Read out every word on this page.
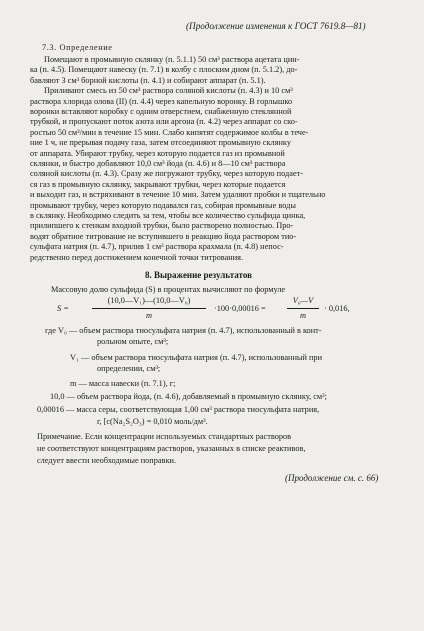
(Продолжение изменения к ГОСТ 7619.8—81)
7.3. Определение
Помещают в промывную склянку (п. 5.1.1) 50 см³ раствора ацетата цин-
ка (п. 4.5). Помещают навеску (п. 7.1) в колбу с плоским дном (п. 5.1.2), до-
бавляют 3 см³ борной кислоты (п. 4.1) и собирают аппарат (п. 5.1).
Приливают смесь из 50 см³ раствора соляной кислоты (п. 4.3) и 10 см³
раствора хлорида олова (II) (п. 4.4) через капельную воронку. В горлышко
воронки вставляют коробку с одним отверстием, снабженную стеклянной
трубкой, и пропускают поток азота или аргона (п. 4.2) через аппарат со ско-
ростью 50 см³/мин в течение 15 мин. Слабо кипятят содержимое колбы в тече-
ние 1 ч, не прерывая подачу газа, затем отсоединяют промывную склянку
от аппарата. Убирают трубку, через которую подается газ из промывной
склянки, и быстро добавляют 10,0 см³ йода (п. 4.6) и 8—10 см³ раствора
соляной кислоты (п. 4.3). Сразу же погружают трубку, через которую подает-
ся газ в промывную склянку, закрывают трубки, через которые подается
и выходит газ, и встряхивают в течение 10 мин. Затем удаляют пробки и тщательно
промывают трубку, через которую подавался газ, собирая промывные воды
в склянку. Необходимо следить за тем, чтобы все количество сульфида цинка,
прилипшего к стенкам входной трубки, было растворено полностью. Про-
водят обратное титрование не вступившего в реакцию йода раствором тио-
сульфата натрия (п. 4.7), прилив 1 см³ раствора крахмала (п. 4.8) непос-
редственно перед достижением конечной точки титрования.
8. Выражение результатов
Массовую долю сульфида (S) в процентах вычисляют по формуле
S =
(10,0—V₁)—(10,0—V₀)
m
·100·0,00016 =
V₀—V
m
· 0,016,
где V₀ — объем раствора тиосульфата натрия (п. 4.7), использованный в конт-
рольном опыте, см³;
V₁ — объем раствора тиосульфата натрия (п. 4.7), использованный при
определении, см³;
m — масса навески (п. 7.1), г;
10,0 — объем раствора йода, (п. 4.6), добавляемый в промывную склянку, см³;
0,00016 — масса серы, соответствующая 1,00 см³ раствора тиосульфата натрия,
г, [с(Na₂S₂O₃) = 0,010 моль/дм³.
Примечание. Если концентрации используемых стандартных растворов
не соответствуют концентрациям растворов, указанных в списке реактивов,
следует ввести необходимые поправки.
(Продолжение см. с. 66)
